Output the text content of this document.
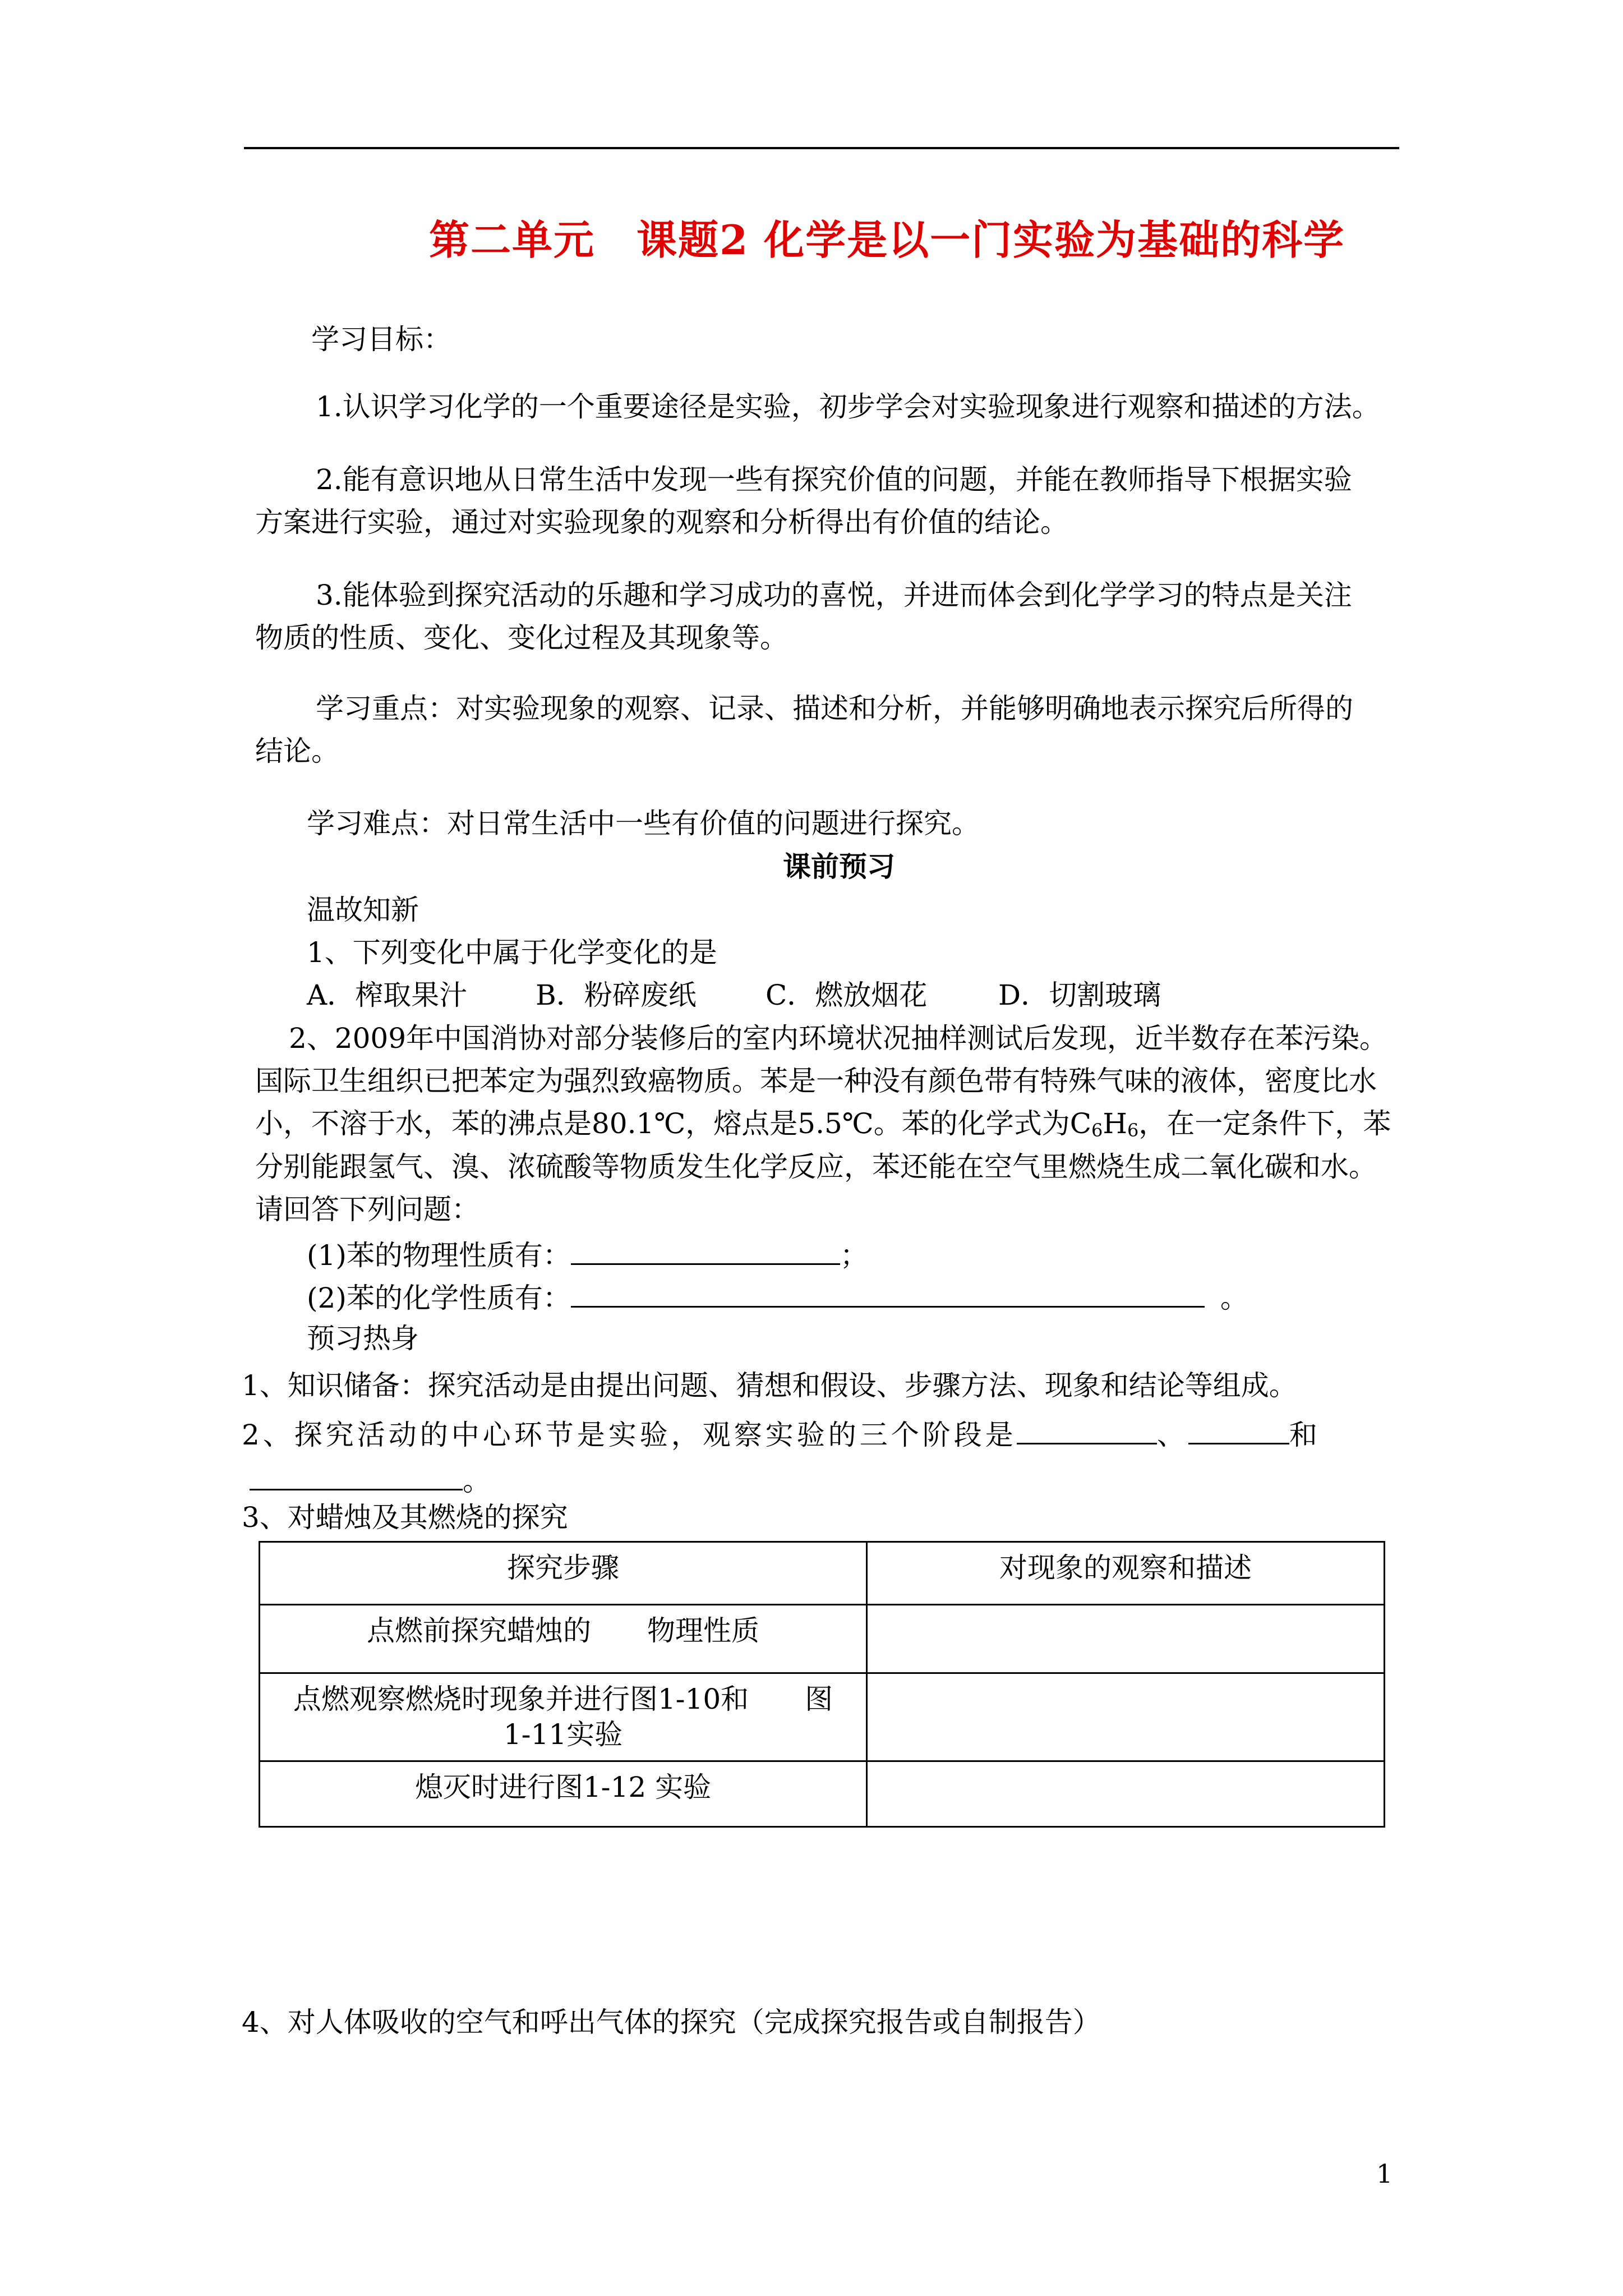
第二单元　课题2 化学是以一门实验为基础的科学
学习目标：
1.认识学习化学的一个重要途径是实验，初步学会对实验现象进行观察和描述的方法。
2.能有意识地从日常生活中发现一些有探究价值的问题，并能在教师指导下根据实验
方案进行实验，通过对实验现象的观察和分析得出有价值的结论。
3.能体验到探究活动的乐趣和学习成功的喜悦，并进而体会到化学学习的特点是关注
物质的性质、变化、变化过程及其现象等。
学习重点：对实验现象的观察、记录、描述和分析，并能够明确地表示探究后所得的
结论。
学习难点：对日常生活中一些有价值的问题进行探究。
课前预习
温故知新
1、下列变化中属于化学变化的是
A．榨取果汁 B．粉碎废纸 C．燃放烟花	D．切割玻璃
2、2009年中国消协对部分装修后的室内环境状况抽样测试后发现，近半数存在苯污染。
国际卫生组织已把苯定为强烈致癌物质。苯是一种没有颜色带有特殊气味的液体，密度比水
小，不溶于水，苯的沸点是80.1℃，熔点是5.5℃。苯的化学式为$C_6H_6$，在一定条件下，苯
分别能跟氢气、溴、浓硫酸等物质发生化学反应，苯还能在空气里燃烧生成二氧化碳和水。
请回答下列问题：
(1)苯的物理性质有：	；
(2)苯的化学性质有：	。
预习热身
1、知识储备：探究活动是由提出问题、猜想和假设、步骤方法、现象和结论等组成。
2、探究活动的中心环节是实验，观察实验的三个阶段是	、	和
。
3、对蜡烛及其燃烧的探究
探究步骤	对现象的观察和描述
点燃前探究蜡烛的　　物理性质	
点燃观察燃烧时现象并进行图1-10和　　图1-11实验	
熄灭时进行图1-12 实验	
4、对人体吸收的空气和呼出气体的探究（完成探究报告或自制报告）
1
